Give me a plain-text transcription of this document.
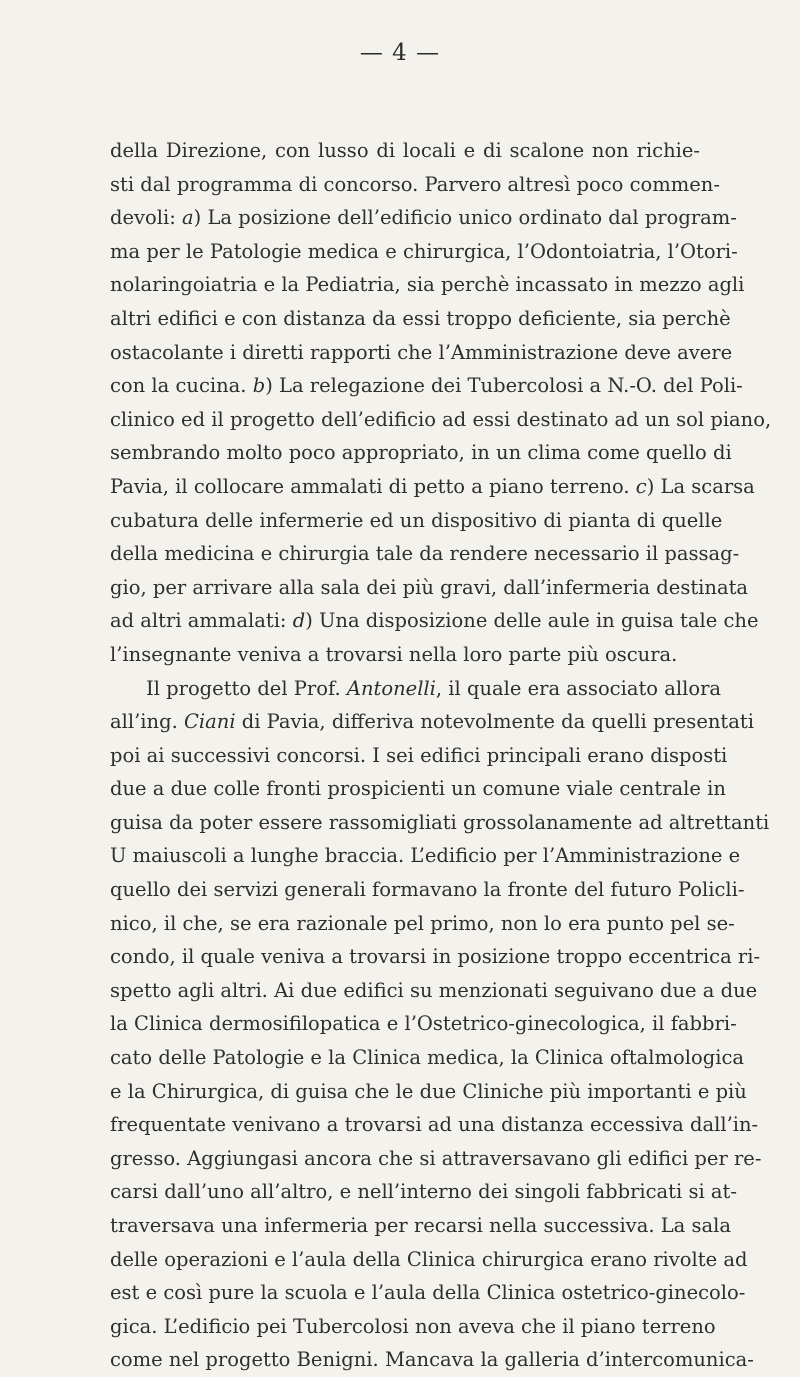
— 4 —
della Direzione, con lusso di locali e di scalone non richie-
sti dal programma di concorso. Parvero altresì poco commen-
devoli: a) La posizione dell’edificio unico ordinato dal program-
ma per le Patologie medica e chirurgica, l’Odontoiatria, l’Otori-
nolaringoiatria e la Pediatria, sia perchè incassato in mezzo agli
altri edifici e con distanza da essi troppo deficiente, sia perchè
ostacolante i diretti rapporti che l’Amministrazione deve avere
con la cucina. b) La relegazione dei Tubercolosi a N.-O. del Poli-
clinico ed il progetto dell’edificio ad essi destinato ad un sol piano,
sembrando molto poco appropriato, in un clima come quello di
Pavia, il collocare ammalati di petto a piano terreno. c) La scarsa
cubatura delle infermerie ed un dispositivo di pianta di quelle
della medicina e chirurgia tale da rendere necessario il passag-
gio, per arrivare alla sala dei più gravi, dall’infermeria destinata
ad altri ammalati: d) Una disposizione delle aule in guisa tale che
l’insegnante veniva a trovarsi nella loro parte più oscura.
Il progetto del Prof. Antonelli, il quale era associato allora
all’ing. Ciani di Pavia, differiva notevolmente da quelli presentati
poi ai successivi concorsi. I sei edifici principali erano disposti
due a due colle fronti prospicienti un comune viale centrale in
guisa da poter essere rassomigliati grossolanamente ad altrettanti
U maiuscoli a lunghe braccia. L’edificio per l’Amministrazione e
quello dei servizi generali formavano la fronte del futuro Policli-
nico, il che, se era razionale pel primo, non lo era punto pel se-
condo, il quale veniva a trovarsi in posizione troppo eccentrica ri-
spetto agli altri. Ai due edifici su menzionati seguivano due a due
la Clinica dermosifilopatica e l’Ostetrico-ginecologica, il fabbri-
cato delle Patologie e la Clinica medica, la Clinica oftalmologica
e la Chirurgica, di guisa che le due Cliniche più importanti e più
frequentate venivano a trovarsi ad una distanza eccessiva dall’in-
gresso. Aggiungasi ancora che si attraversavano gli edifici per re-
carsi dall’uno all’altro, e nell’interno dei singoli fabbricati si at-
traversava una infermeria per recarsi nella successiva. La sala
delle operazioni e l’aula della Clinica chirurgica erano rivolte ad
est e così pure la scuola e l’aula della Clinica ostetrico-ginecolo-
gica. L’edificio pei Tubercolosi non aveva che il piano terreno
come nel progetto Benigni. Mancava la galleria d’intercomunica-
